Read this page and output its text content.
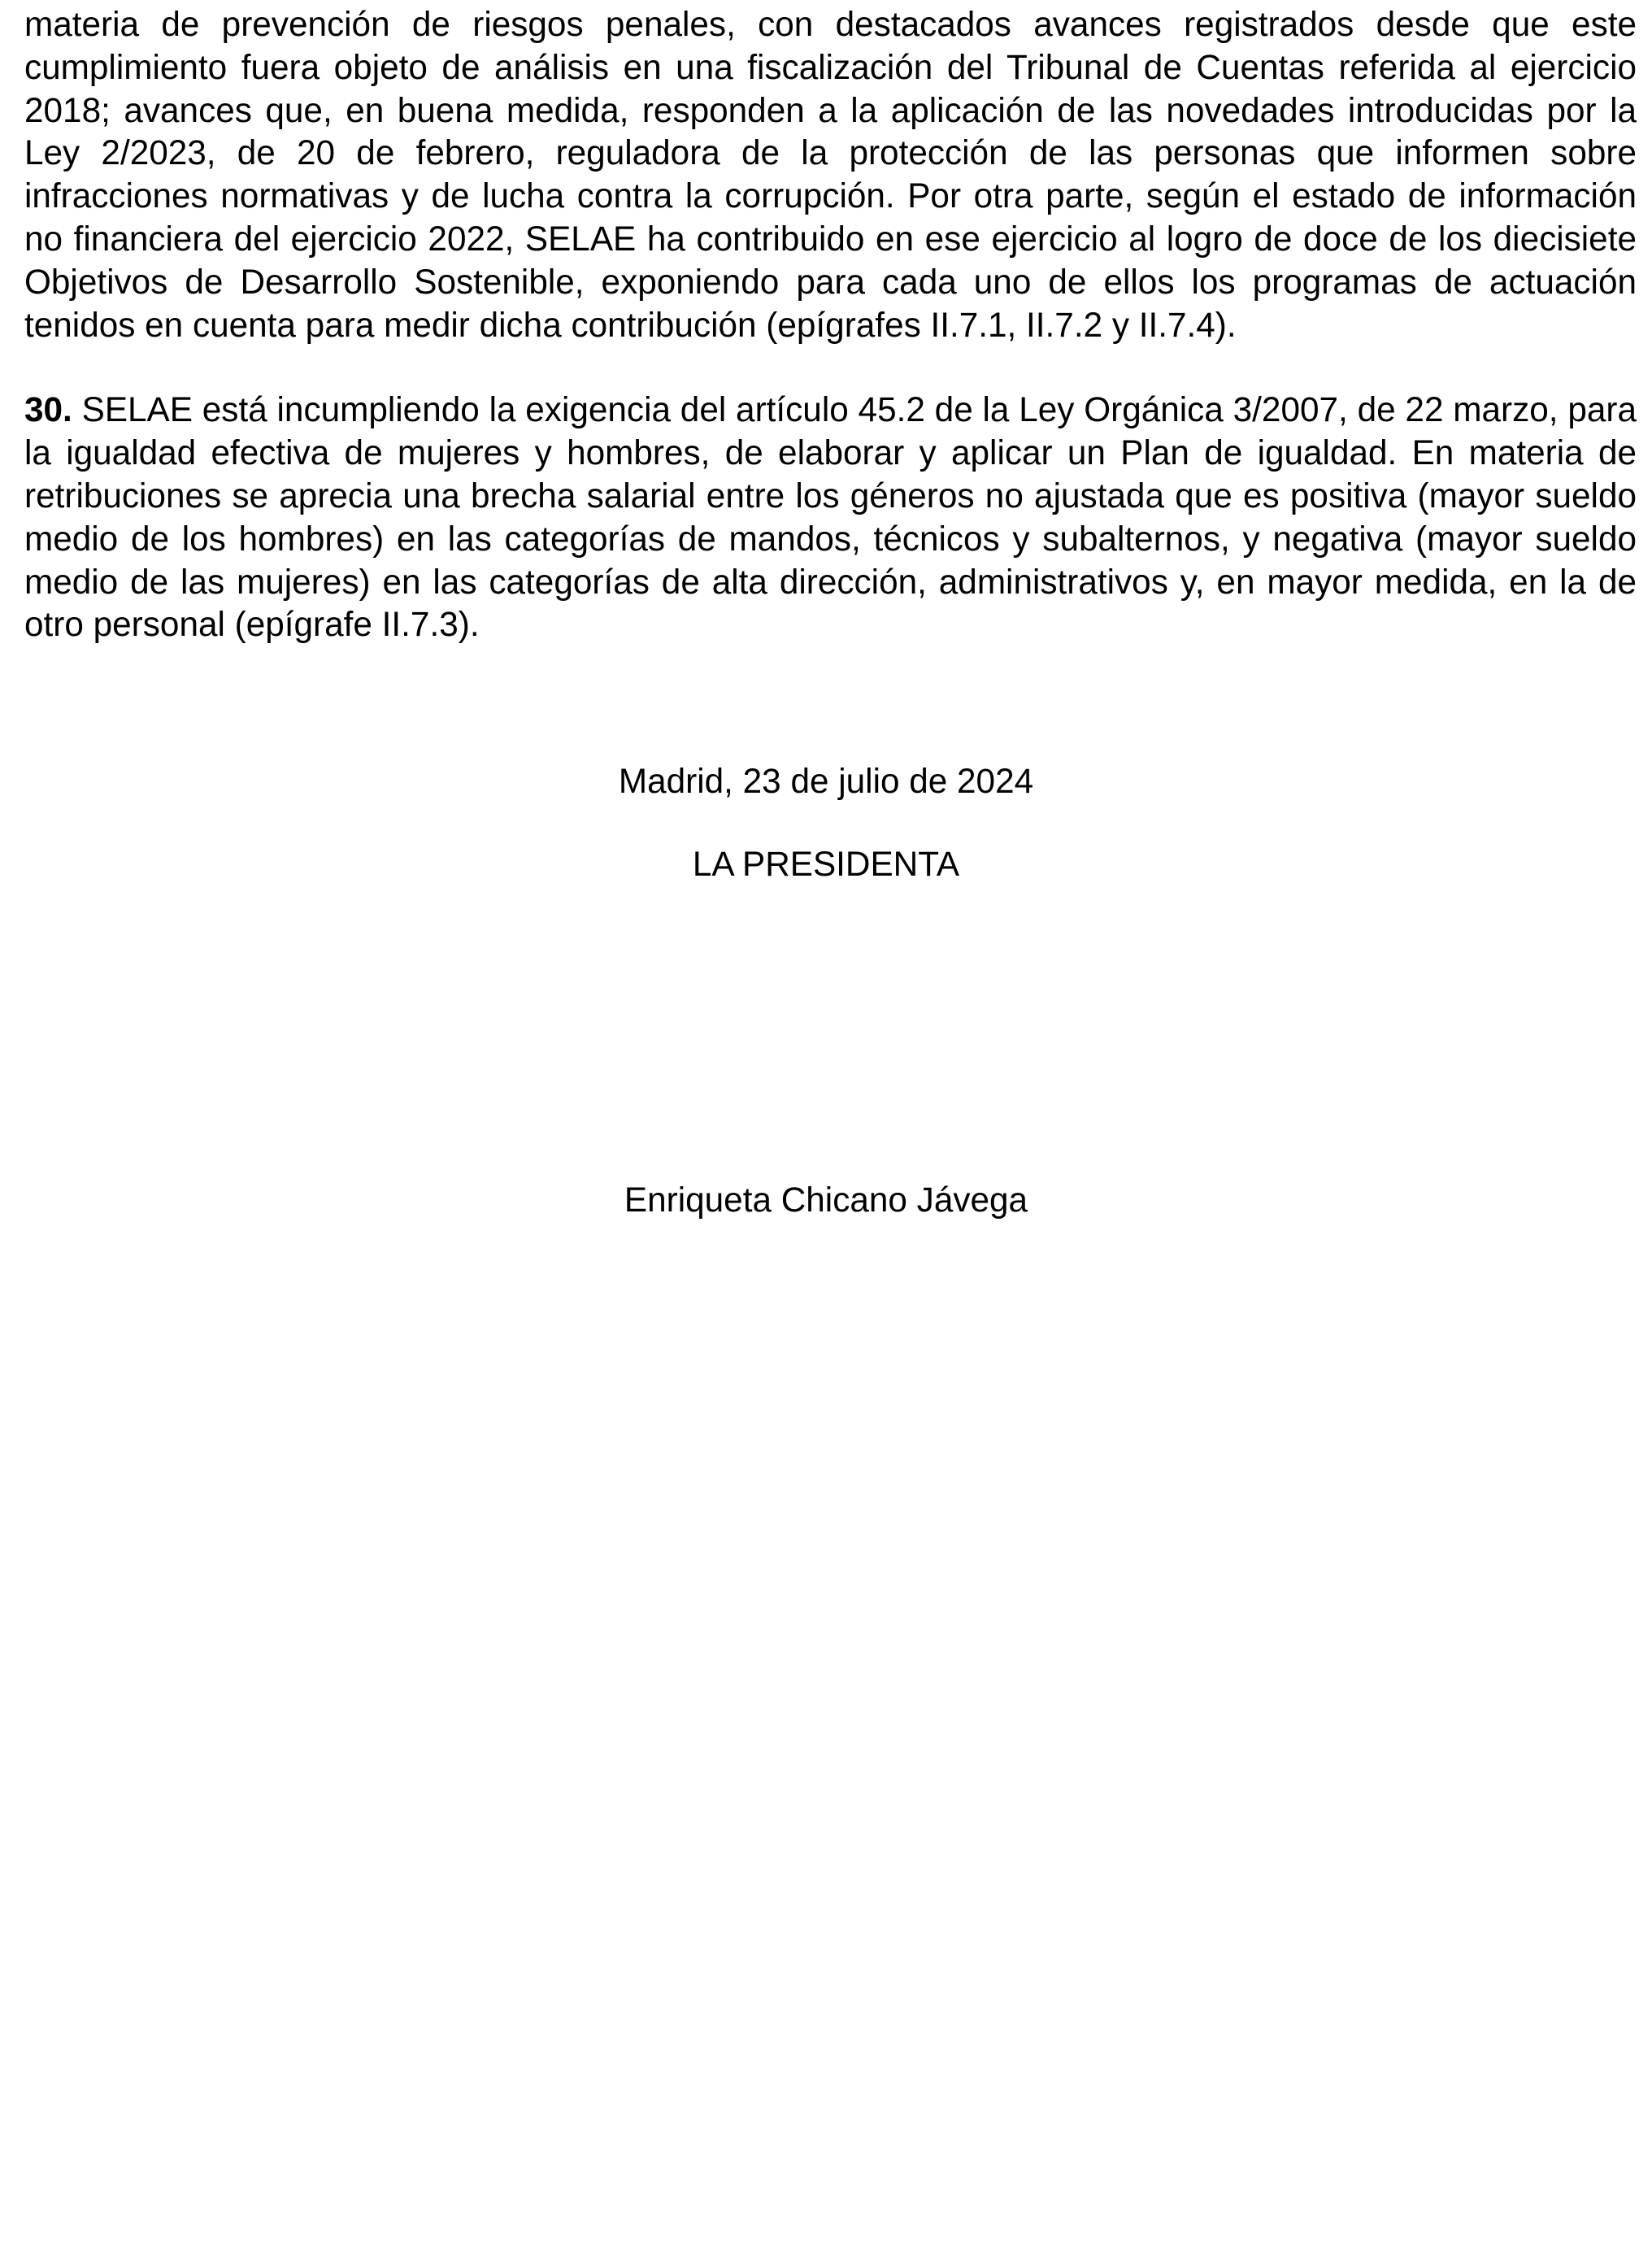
materia de prevención de riesgos penales, con destacados avances registrados desde que este cumplimiento fuera objeto de análisis en una fiscalización del Tribunal de Cuentas referida al ejercicio 2018; avances que, en buena medida, responden a la aplicación de las novedades introducidas por la Ley 2/2023, de 20 de febrero, reguladora de la protección de las personas que informen sobre infracciones normativas y de lucha contra la corrupción. Por otra parte, según el estado de información no financiera del ejercicio 2022, SELAE ha contribuido en ese ejercicio al logro de doce de los diecisiete Objetivos de Desarrollo Sostenible, exponiendo para cada uno de ellos los programas de actuación tenidos en cuenta para medir dicha contribución (epígrafes II.7.1, II.7.2 y II.7.4).

30. SELAE está incumpliendo la exigencia del artículo 45.2 de la Ley Orgánica 3/2007, de 22 marzo, para la igualdad efectiva de mujeres y hombres, de elaborar y aplicar un Plan de igualdad. En materia de retribuciones se aprecia una brecha salarial entre los géneros no ajustada que es positiva (mayor sueldo medio de los hombres) en las categorías de mandos, técnicos y subalternos, y negativa (mayor sueldo medio de las mujeres) en las categorías de alta dirección, administrativos y, en mayor medida, en la de otro personal (epígrafe II.7.3).

Madrid, 23 de julio de 2024
LA PRESIDENTA
Enriqueta Chicano Jávega
